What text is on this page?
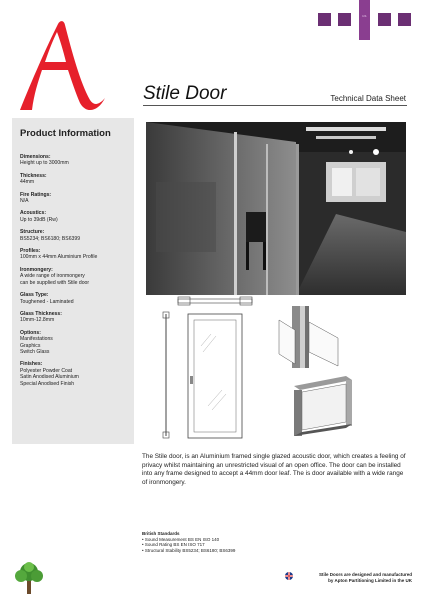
1/1
Stile Door	Technical Data Sheet
Product Information
Dimensions:
Height up to 3000mm
Thickness:
44mm
Fire Ratings:
N/A
Acoustics:
Up to 39dB (Rw)
Structure:
BS5234; BS6180; BS6399
Profiles:
100mm x 44mm Aluminium Profile
Ironmongery:
A wide range of ironmongery
can be supplied with Stile door
Glass Type:
Toughened - Laminated
Glass Thickness:
10mm-12.8mm
Options:
Manifestations
Graphics
Switch Glass
Finishes:
Polyester Powder Coat
Satin Anodised Aluminium
Special Anodised Finish
The Stile door, is an Aluminium framed single glazed acoustic door, which creates a feeling of privacy whilst maintaining an unrestricted visual of an open office. The door can be installed into any frame designed to accept a 44mm door leaf. The is door available with a wide range of ironmongery.
British Standards
• Sound Measurement BS EN ISO 140
• Sound Rating BS EN ISO 717
• Structural Stability BS5234; BS6180; BS6399
Stile Doors are designed and manufactured
by Apton Partitioning Limited in the UK
